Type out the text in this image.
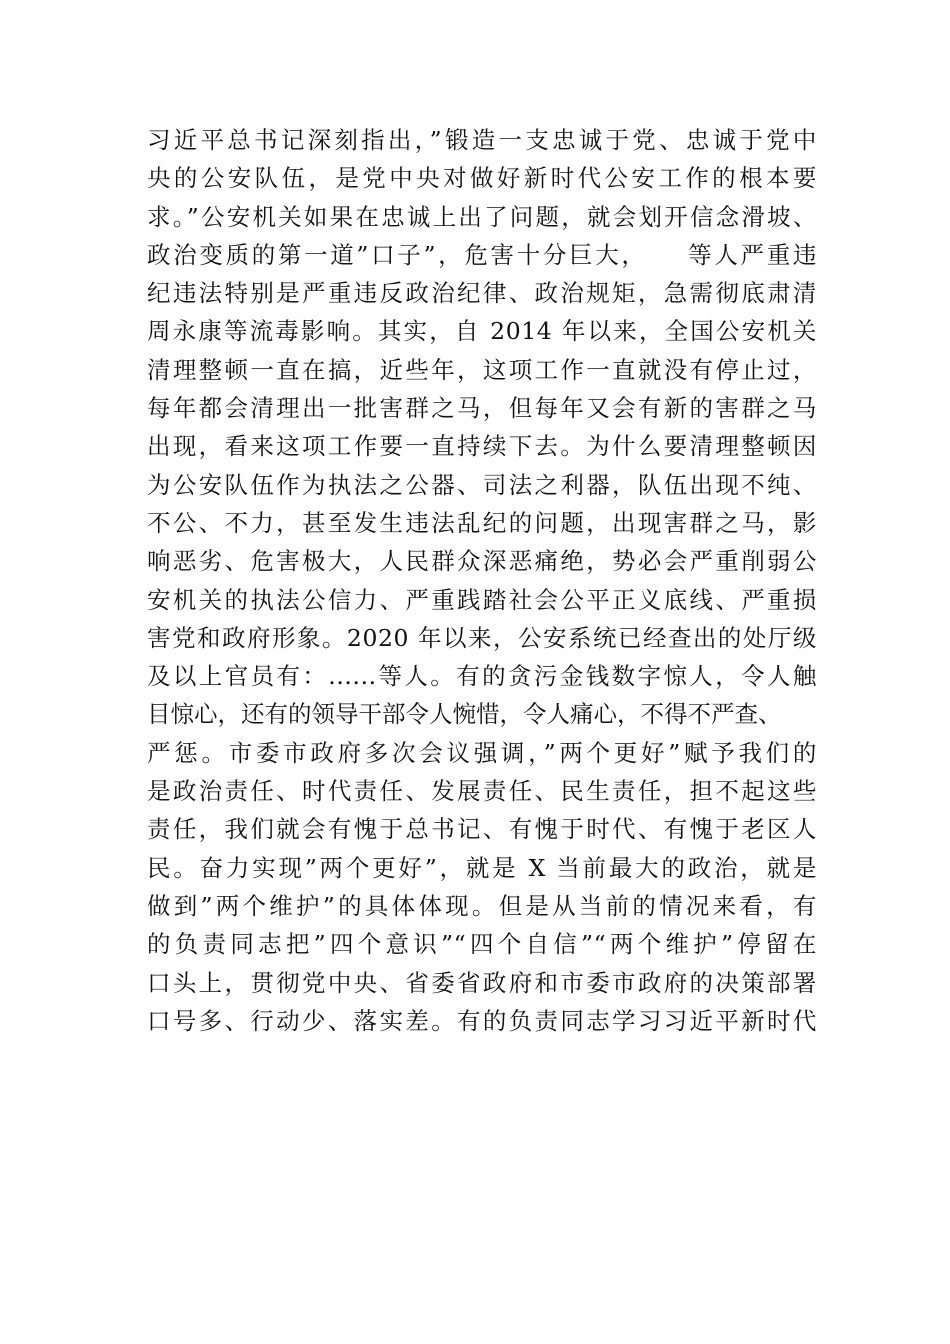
习近平总书记深刻指出，”锻造一支忠诚于党、忠诚于党中
央的公安队伍，是党中央对做好新时代公安工作的根本要
求。”公安机关如果在忠诚上出了问题，就会划开信念滑坡、
政治变质的第一道”口子”，危害十分巨大，　　等人严重违
纪违法特别是严重违反政治纪律、政治规矩，急需彻底肃清
周永康等流毒影响。其实，自 2014 年以来，全国公安机关
清理整顿一直在搞，近些年，这项工作一直就没有停止过，
每年都会清理出一批害群之马，但每年又会有新的害群之马
出现，看来这项工作要一直持续下去。为什么要清理整顿因
为公安队伍作为执法之公器、司法之利器，队伍出现不纯、
不公、不力，甚至发生违法乱纪的问题，出现害群之马，影
响恶劣、危害极大，人民群众深恶痛绝，势必会严重削弱公
安机关的执法公信力、严重践踏社会公平正义底线、严重损
害党和政府形象。2020 年以来，公安系统已经查出的处厅级
及以上官员有：......等人。有的贪污金钱数字惊人，令人触
目惊心，还有的领导干部令人惋惜，令人痛心，不得不严查、
严惩。市委市政府多次会议强调，”两个更好”赋予我们的
是政治责任、时代责任、发展责任、民生责任，担不起这些
责任，我们就会有愧于总书记、有愧于时代、有愧于老区人
民。奋力实现”两个更好”，就是 X 当前最大的政治，就是
做到”两个维护”的具体体现。但是从当前的情况来看，有
的负责同志把”四个意识”“四个自信”“两个维护”停留在
口头上，贯彻党中央、省委省政府和市委市政府的决策部署
口号多、行动少、落实差。有的负责同志学习习近平新时代
